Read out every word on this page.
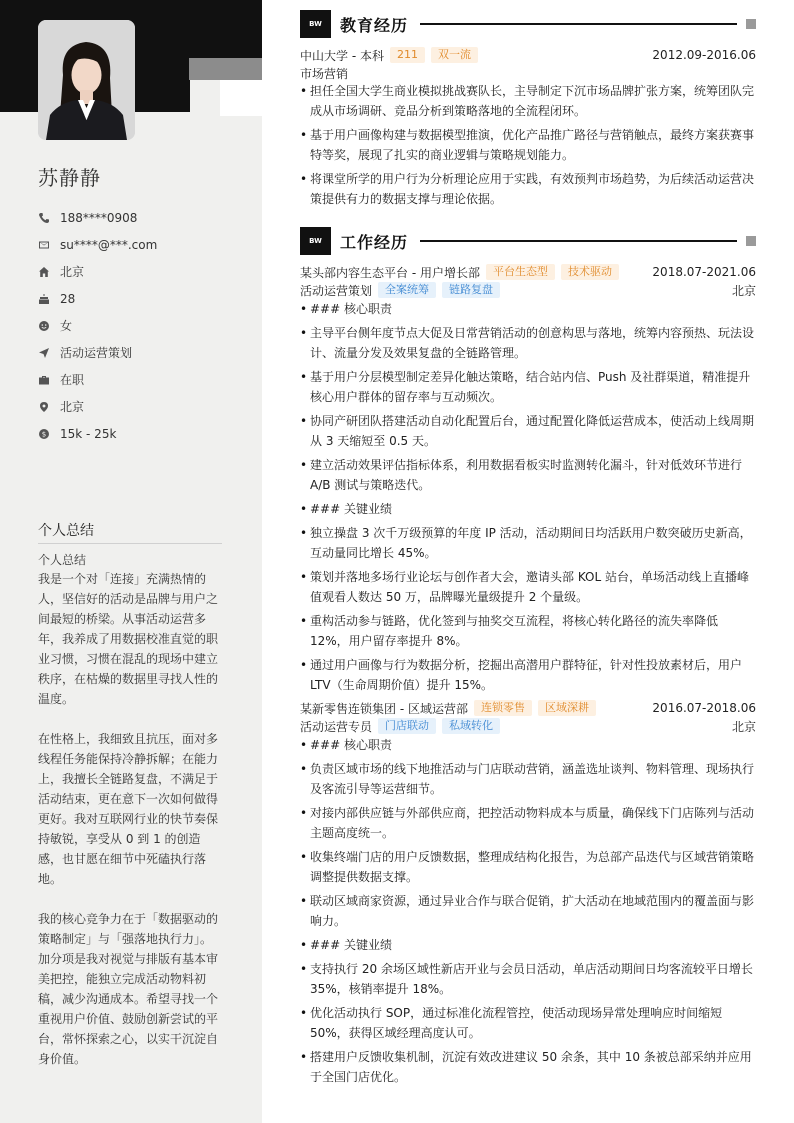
苏静静
188****0908
su****@***.com
北京
28
女
活动运营策划
在职
北京
$ 15k - 25k
个人总结
个人总结

我是一个对「连接」充满热情的人，坚信好的活动是品牌与用户之间最短的桥梁。从事活动运营多年，我养成了用数据校准直觉的职业习惯，习惯在混乱的现场中建立秩序，在枯燥的数据里寻找人性的温度。

在性格上，我细致且抗压，面对多线程任务能保持冷静拆解；在能力上，我擅长全链路复盘，不满足于活动结束，更在意下一次如何做得更好。我对互联网行业的快节奏保持敏锐，享受从 0 到 1 的创造感，也甘愿在细节中死磕执行落地。

我的核心竞争力在于「数据驱动的策略制定」与「强落地执行力」。加分项是我对视觉与排版有基本审美把控，能独立完成活动物料初稿，减少沟通成本。希望寻找一个重视用户价值、鼓励创新尝试的平台，常怀探索之心，以实干沉淀自身价值。

BW	教育经历
中山大学 - 本科	211	双一流	2012.09-2016.06
市场营销
• 担任全国大学生商业模拟挑战赛队长，主导制定下沉市场品牌扩张方案，统筹团队完成从市场调研、竞品分析到策略落地的全流程闭环。
• 基于用户画像构建与数据模型推演，优化产品推广路径与营销触点，最终方案获赛事特等奖，展现了扎实的商业逻辑与策略规划能力。
• 将课堂所学的用户行为分析理论应用于实践，有效预判市场趋势，为后续活动运营决策提供有力的数据支撑与理论依据。
BW	工作经历
某头部内容生态平台 - 用户增长部	平台生态型	技术驱动	2018.07-2021.06
活动运营策划	全案统筹	链路复盘	北京
• ### 核心职责
• 主导平台侧年度节点大促及日常营销活动的创意构思与落地，统筹内容预热、玩法设计、流量分发及效果复盘的全链路管理。
• 基于用户分层模型制定差异化触达策略，结合站内信、Push 及社群渠道，精准提升核心用户群体的留存率与互动频次。
• 协同产研团队搭建活动自动化配置后台，通过配置化降低运营成本，使活动上线周期从 3 天缩短至 0.5 天。
• 建立活动效果评估指标体系，利用数据看板实时监测转化漏斗，针对低效环节进行 A/B 测试与策略迭代。
• ### 关键业绩
• 独立操盘 3 次千万级预算的年度 IP 活动，活动期间日均活跃用户数突破历史新高，互动量同比增长 45%。
• 策划并落地多场行业论坛与创作者大会，邀请头部 KOL 站台，单场活动线上直播峰值观看人数达 50 万，品牌曝光量级提升 2 个量级。
• 重构活动参与链路，优化签到与抽奖交互流程，将核心转化路径的流失率降低 12%，用户留存率提升 8%。
• 通过用户画像与行为数据分析，挖掘出高潜用户群特征，针对性投放素材后，用户 LTV（生命周期价值）提升 15%。
某新零售连锁集团 - 区域运营部	连锁零售	区域深耕	2016.07-2018.06
活动运营专员	门店联动	私域转化	北京
• ### 核心职责
• 负责区域市场的线下地推活动与门店联动营销，涵盖选址谈判、物料管理、现场执行及客流引导等运营细节。
• 对接内部供应链与外部供应商，把控活动物料成本与质量，确保线下门店陈列与活动主题高度统一。
• 收集终端门店的用户反馈数据，整理成结构化报告，为总部产品迭代与区域营销策略调整提供数据支撑。
• 联动区域商家资源，通过异业合作与联合促销，扩大活动在地域范围内的覆盖面与影响力。
• ### 关键业绩
• 支持执行 20 余场区域性新店开业与会员日活动，单店活动期间日均客流较平日增长 35%，核销率提升 18%。
• 优化活动执行 SOP，通过标准化流程管控，使活动现场异常处理响应时间缩短 50%，获得区域经理高度认可。
• 搭建用户反馈收集机制，沉淀有效改进建议 50 余条，其中 10 条被总部采纳并应用于全国门店优化。
